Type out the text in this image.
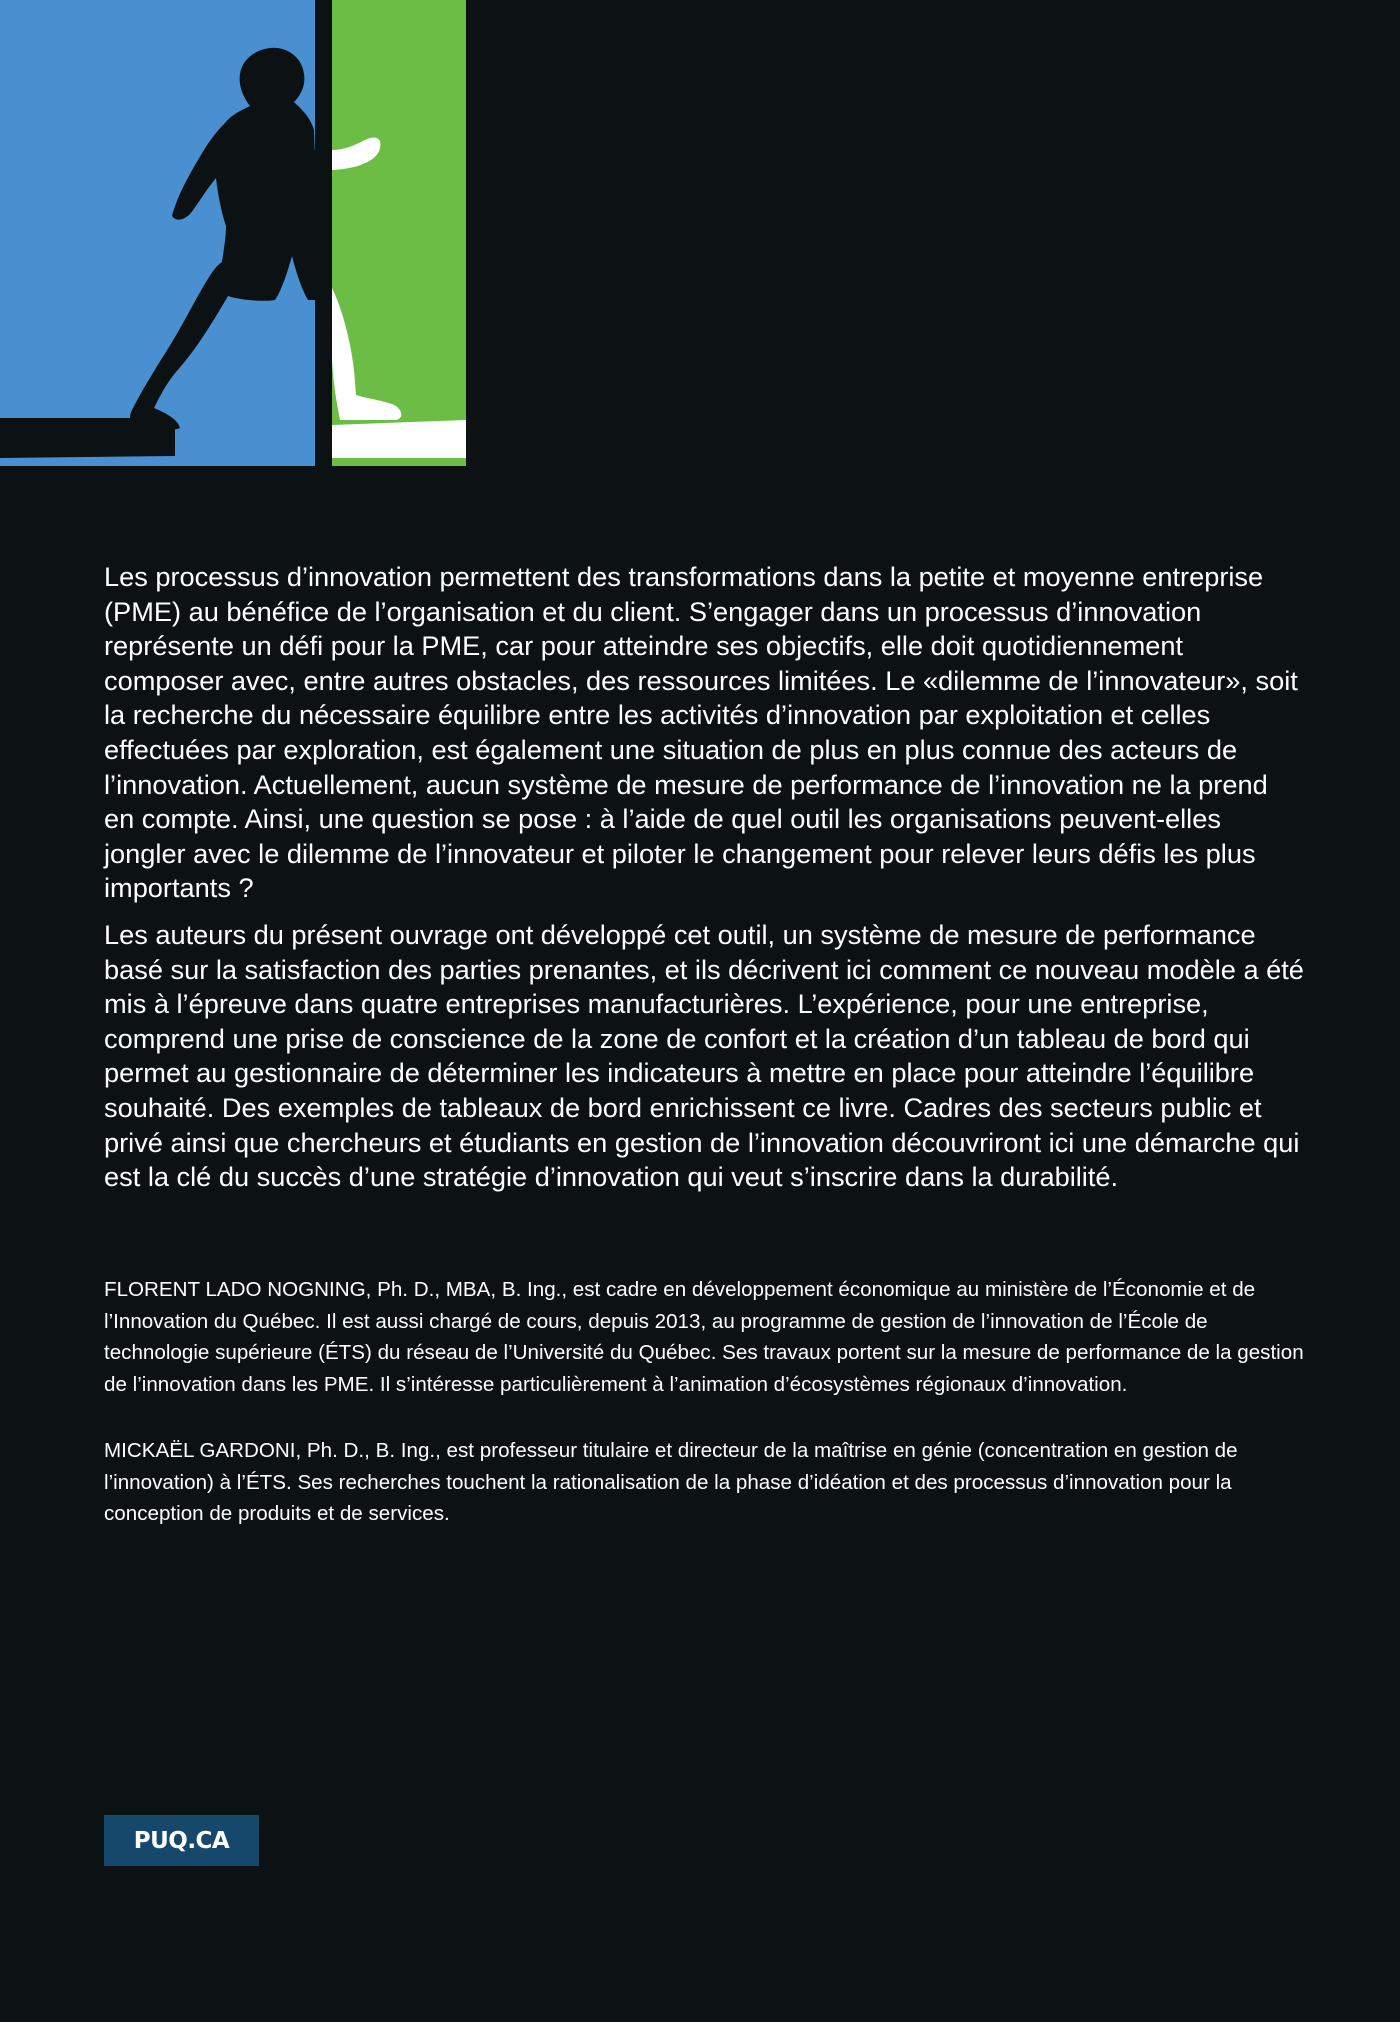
Les processus d’innovation permettent des transformations dans la petite et moyenne entreprise (PME) au bénéfice de l’organisation et du client. S’engager dans un processus d’innovation représente un défi pour la PME, car pour atteindre ses objectifs, elle doit quotidiennement composer avec, entre autres obstacles, des ressources limitées. Le «dilemme de l’innovateur», soit la recherche du nécessaire équilibre entre les activités d’innovation par exploitation et celles effectuées par exploration, est également une situation de plus en plus connue des acteurs de l’innovation. Actuellement, aucun système de mesure de performance de l’innovation ne la prend en compte. Ainsi, une question se pose : à l’aide de quel outil les organisations peuvent-elles jongler avec le dilemme de l’innovateur et piloter le changement pour relever leurs défis les plus importants ?

Les auteurs du présent ouvrage ont développé cet outil, un système de mesure de performance basé sur la satisfaction des parties prenantes, et ils décrivent ici comment ce nouveau modèle a été mis à l’épreuve dans quatre entreprises manufacturières. L’expérience, pour une entreprise, comprend une prise de conscience de la zone de confort et la création d’un tableau de bord qui permet au gestionnaire de déterminer les indicateurs à mettre en place pour atteindre l’équilibre souhaité. Des exemples de tableaux de bord enrichissent ce livre. Cadres des secteurs public et privé ainsi que chercheurs et étudiants en gestion de l’innovation découvriront ici une démarche qui est la clé du succès d’une stratégie d’innovation qui veut s’inscrire dans la durabilité.

FLORENT LADO NOGNING, Ph. D., MBA, B. Ing., est cadre en développement économique au ministère de l’Économie et de l’Innovation du Québec. Il est aussi chargé de cours, depuis 2013, au programme de gestion de l’innovation de l’École de technologie supérieure (ÉTS) du réseau de l’Université du Québec. Ses travaux portent sur la mesure de performance de la gestion de l’innovation dans les PME. Il s’intéresse particulièrement à l’animation d’écosystèmes régionaux d’innovation.

MICKAËL GARDONI, Ph. D., B. Ing., est professeur titulaire et directeur de la maîtrise en génie (concentration en gestion de l’innovation) à l’ÉTS. Ses recherches touchent la rationalisation de la phase d’idéation et des processus d’innovation pour la conception de produits et de services.

PUQ.CA
